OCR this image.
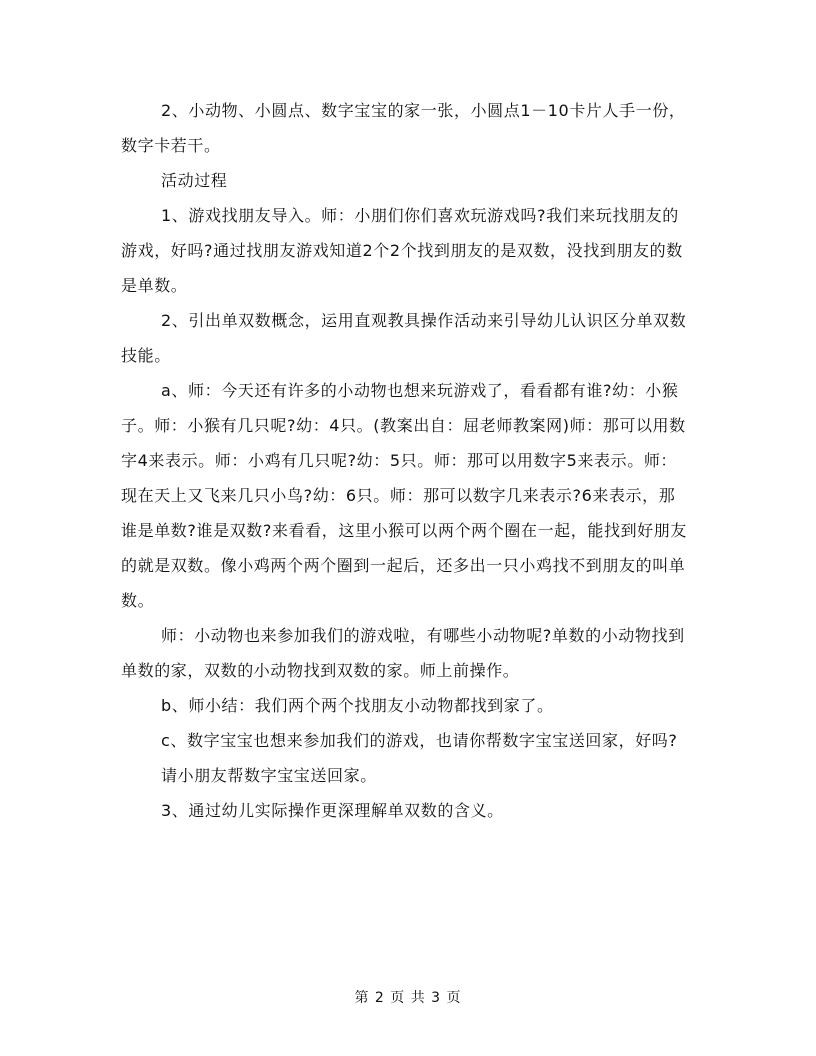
2、小动物、小圆点、数字宝宝的家一张，小圆点1－10卡片人手一份，数字卡若干。

活动过程

1、游戏找朋友导入。师：小朋们你们喜欢玩游戏吗?我们来玩找朋友的游戏，好吗?通过找朋友游戏知道2个2个找到朋友的是双数，没找到朋友的数是单数。

2、引出单双数概念，运用直观教具操作活动来引导幼儿认识区分单双数技能。

a、师：今天还有许多的小动物也想来玩游戏了，看看都有谁?幼：小猴子。师：小猴有几只呢?幼：4只。(教案出自：屈老师教案网)师：那可以用数字4来表示。师：小鸡有几只呢?幼：5只。师：那可以用数字5来表示。师：现在天上又飞来几只小鸟?幼：6只。师：那可以数字几来表示?6来表示，那谁是单数?谁是双数?来看看，这里小猴可以两个两个圈在一起，能找到好朋友的就是双数。像小鸡两个两个圈到一起后，还多出一只小鸡找不到朋友的叫单数。

师：小动物也来参加我们的游戏啦，有哪些小动物呢?单数的小动物找到单数的家，双数的小动物找到双数的家。师上前操作。

b、师小结：我们两个两个找朋友小动物都找到家了。

c、数字宝宝也想来参加我们的游戏，也请你帮数字宝宝送回家，好吗?

请小朋友帮数字宝宝送回家。

3、通过幼儿实际操作更深理解单双数的含义。

第 2 页 共 3 页
